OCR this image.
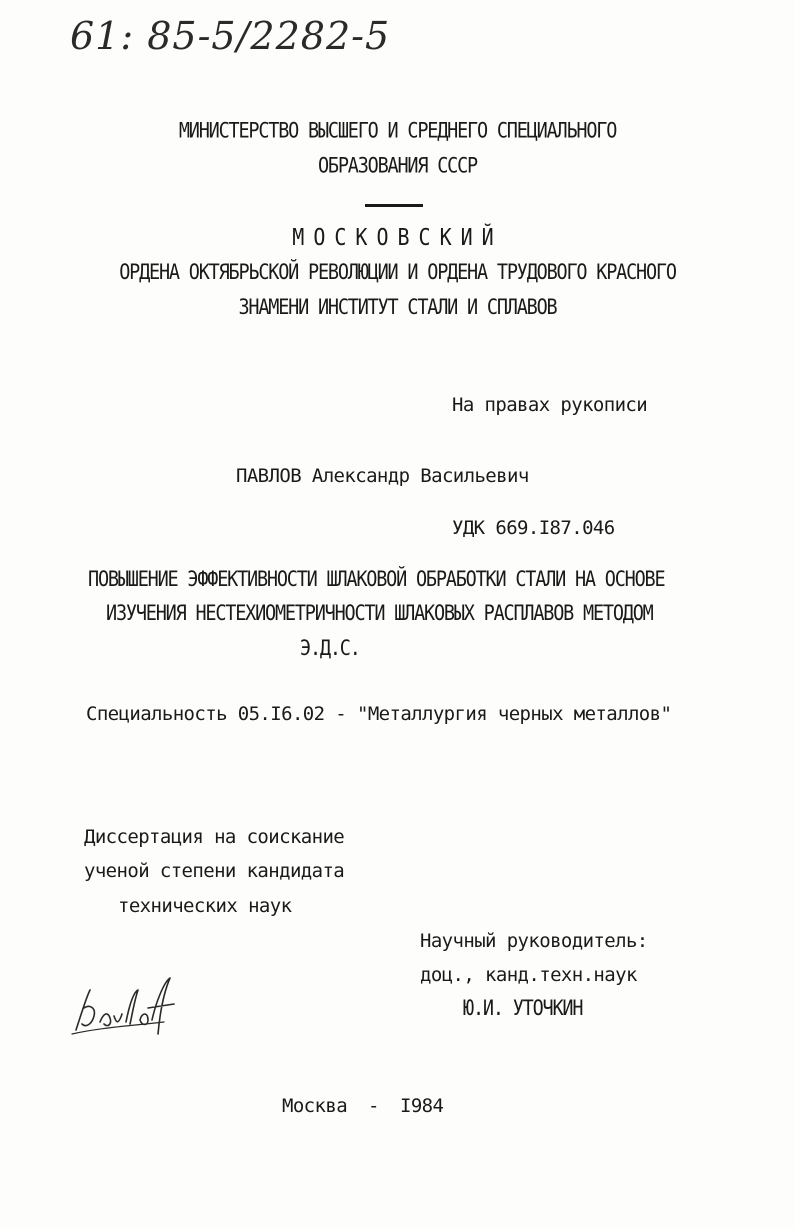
61: 85-5/2282-5
МИНИСТЕРСТВО ВЫСШЕГО И СРЕДНЕГО СПЕЦИАЛЬНОГО
ОБРАЗОВАНИЯ СССР
МОСКОВСКИЙ
ОРДЕНА ОКТЯБРЬСКОЙ РЕВОЛЮЦИИ И ОРДЕНА ТРУДОВОГО КРАСНОГО
ЗНАМЕНИ ИНСТИТУТ СТАЛИ И СПЛАВОВ
На правах рукописи
ПАВЛОВ Александр Васильевич
УДК 669.I87.046
ПОВЫШЕНИЕ ЭФФЕКТИВНОСТИ ШЛАКОВОЙ ОБРАБОТКИ СТАЛИ НА ОСНОВЕ
ИЗУЧЕНИЯ НЕСТЕХИОМЕТРИЧНОСТИ ШЛАКОВЫХ РАСПЛАВОВ МЕТОДОМ
Э.Д.С.
Специальность 05.I6.02 - "Металлургия черных металлов"
Диссертация на соискание
ученой степени кандидата
технических наук
Научный руководитель:
доц., канд.техн.наук
Ю.И. УТОЧКИН
Москва - I984
